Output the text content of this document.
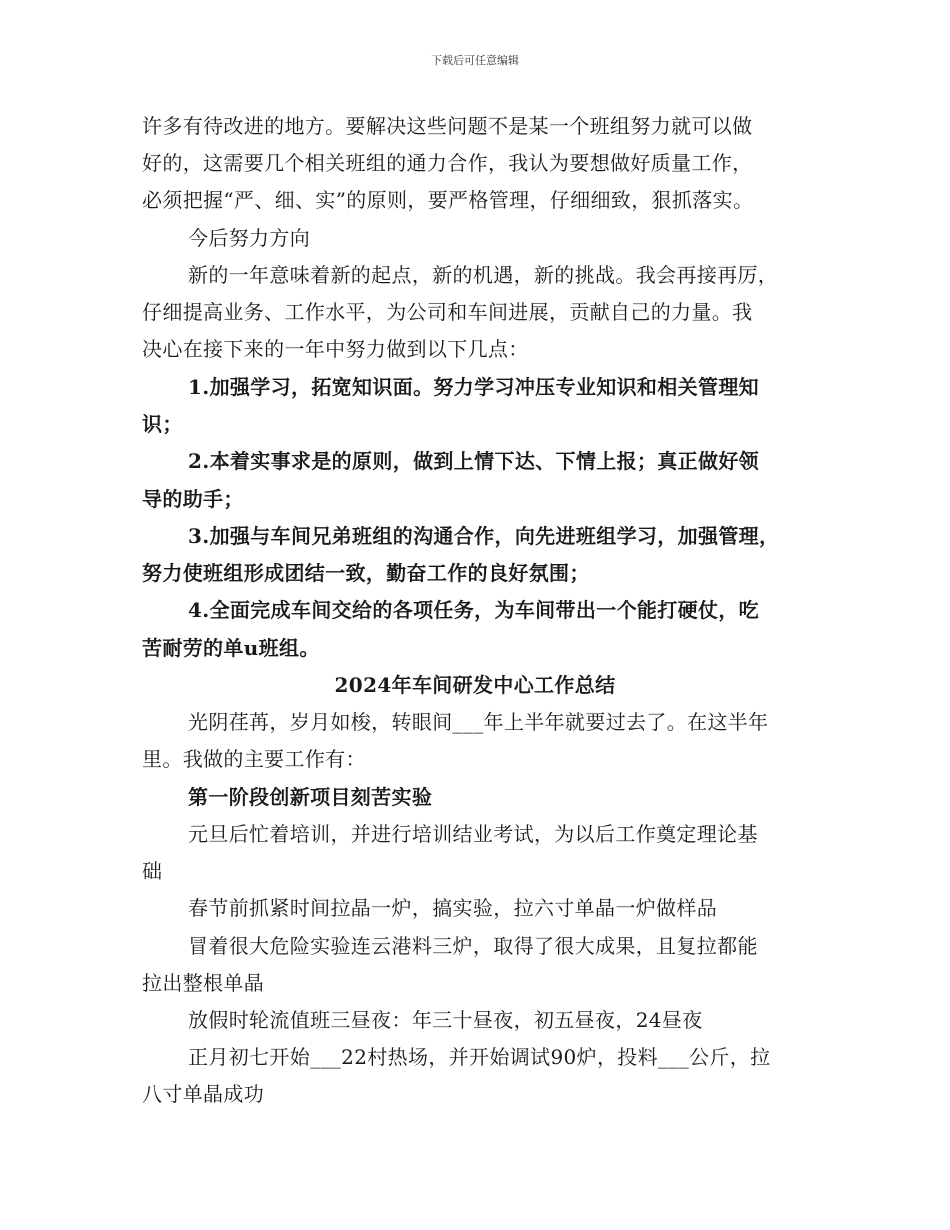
下载后可任意编辑
许多有待改进的地方。要解决这些问题不是某一个班组努力就可以做
好的，这需要几个相关班组的通力合作，我认为要想做好质量工作，
必须把握“严、细、实”的原则，要严格管理，仔细细致，狠抓落实。
今后努力方向
新的一年意味着新的起点，新的机遇，新的挑战。我会再接再厉，
仔细提高业务、工作水平，为公司和车间进展，贡献自己的力量。我
决心在接下来的一年中努力做到以下几点：
1.加强学习，拓宽知识面。努力学习冲压专业知识和相关管理知
识；
2.本着实事求是的原则，做到上情下达、下情上报；真正做好领
导的助手；
3.加强与车间兄弟班组的沟通合作，向先进班组学习，加强管理，
努力使班组形成团结一致，勤奋工作的良好氛围；
4.全面完成车间交给的各项任务，为车间带出一个能打硬仗，吃
苦耐劳的单u班组。
2024年车间研发中心工作总结
光阴荏苒，岁月如梭，转眼间___年上半年就要过去了。在这半年
里。我做的主要工作有：
第一阶段创新项目刻苦实验
元旦后忙着培训，并进行培训结业考试，为以后工作奠定理论基
础
春节前抓紧时间拉晶一炉，搞实验，拉六寸单晶一炉做样品
冒着很大危险实验连云港料三炉，取得了很大成果，且复拉都能
拉出整根单晶
放假时轮流值班三昼夜：年三十昼夜，初五昼夜，24昼夜
正月初七开始___22村热场，并开始调试90炉，投料___公斤，拉
八寸单晶成功
